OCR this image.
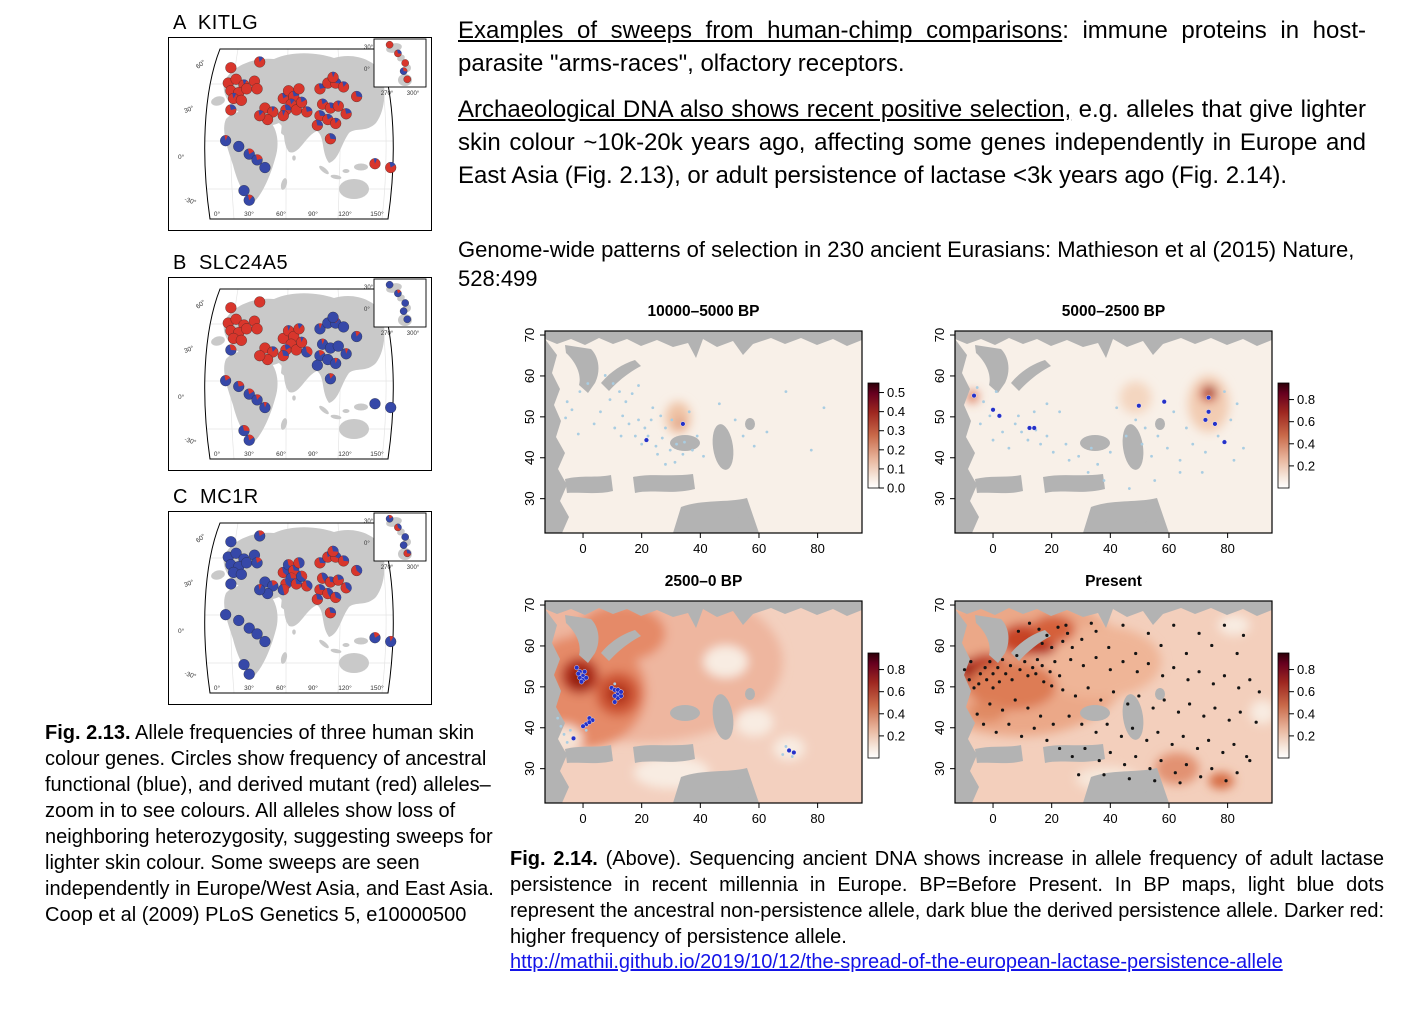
Examples of sweeps from human-chimp comparisons: immune proteins in host-parasite "arms-races", olfactory receptors.

Archaeological DNA also shows recent positive selection, e.g. alleles that give lighter skin colour ~10k-20k years ago, affecting some genes independently in Europe and East Asia (Fig. 2.13), or adult persistence of lactase <3k years ago (Fig. 2.14).

Genome-wide patterns of selection in 230 ancient Eurasians: Mathieson et al (2015) Nature, 528:499

A  KITLG
60°
30°
0°
-30°
0°	30°	60°	90°	120°	150°
30°
0°
270° 300°
B  SLC24A5
60°
30°
0°
-30°
0°	30°	60°	90°	120°	150°
30°
0°
270° 300°
C  MC1R
60°
30°
0°
-30°
0°	30°	60°	90°	120°	150°
30°
0°
270° 300°

Fig. 2.13. Allele frequencies of three human skin colour genes. Circles show frequency of ancestral functional (blue), and derived mutant (red) alleles– zoom in to see colours. All alleles show loss of neighboring heterozygosity, suggesting sweeps for lighter skin colour. Some sweeps are seen independently in Europe/West Asia, and East Asia. Coop et al (2009) PLoS Genetics 5, e10000500

0	20	40	60	80
30
40
50
60
70
0.5
0.4
0.3
0.2
0.1
0.0
10000–5000 BP
0	20	40	60	80
30
40
50
60
70
0.8
0.6
0.4
0.2
5000–2500 BP
0	20	40	60	80
30
40
50
60
70
0.8
0.6
0.4
0.2
2500–0 BP
0	20	40	60	80
30
40
50
60
70
0.8
0.6
0.4
0.2
Present

Fig. 2.14. (Above). Sequencing ancient DNA shows increase in allele frequency of adult lactase persistence in recent millennia in Europe. BP=Before Present. In BP maps, light blue dots represent the ancestral non-persistence allele, dark blue the derived persistence allele. Darker red: higher frequency of persistence allele.

http://mathii.github.io/2019/10/12/the-spread-of-the-european-lactase-persistence-allele
